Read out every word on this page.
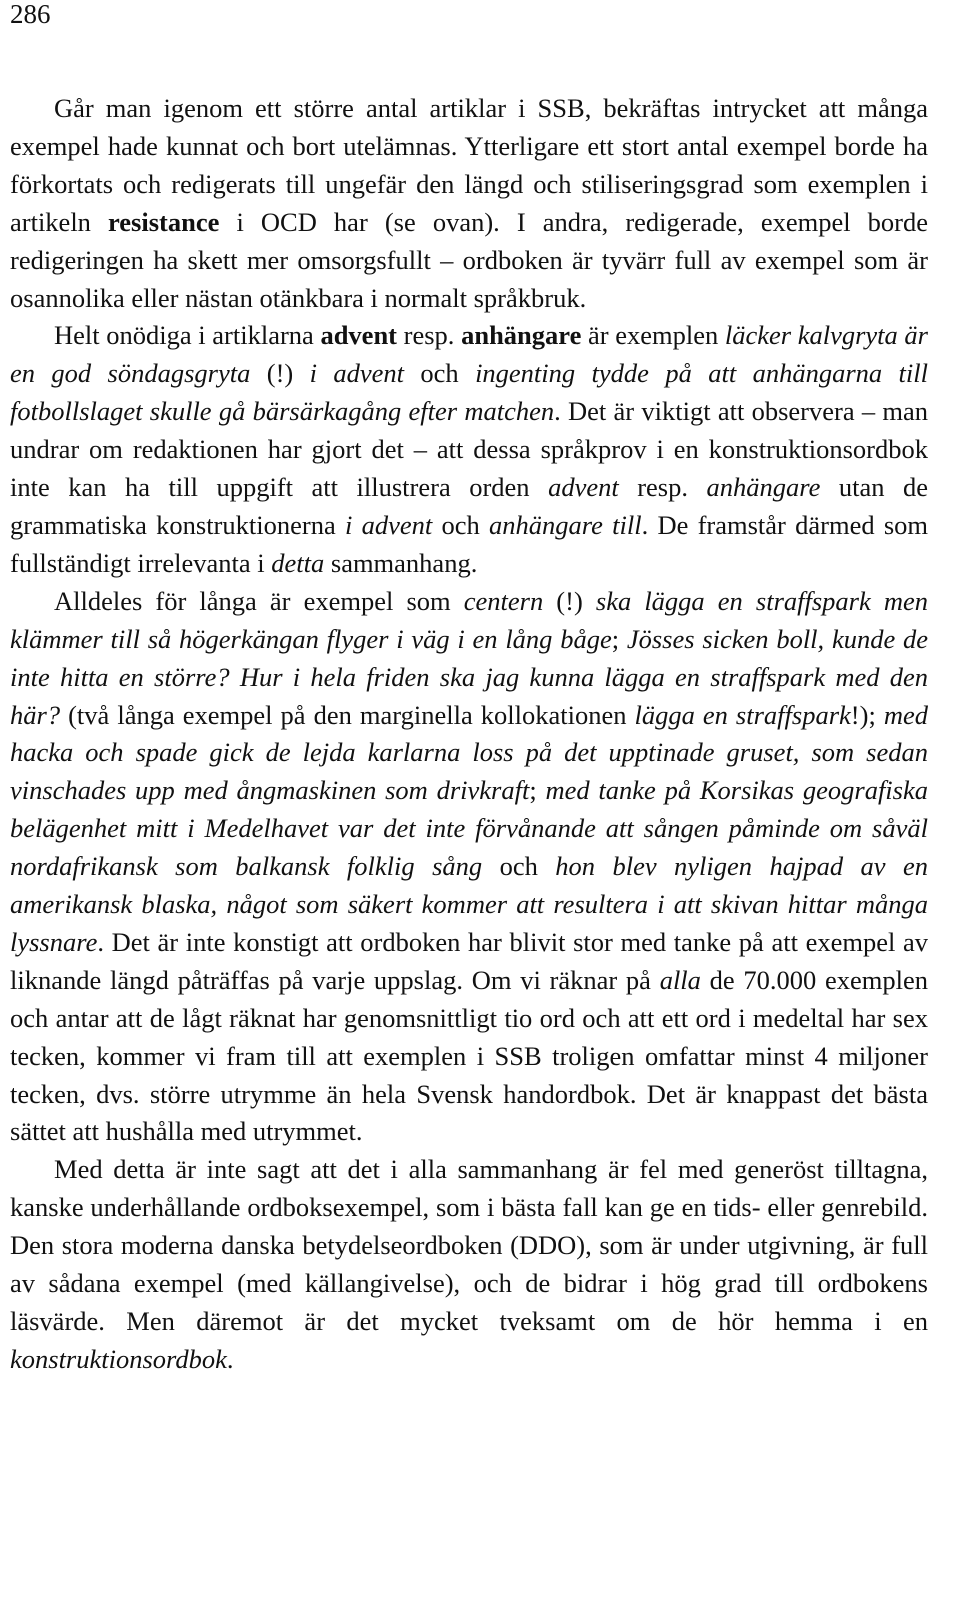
286

Går man igenom ett större antal artiklar i SSB, bekräftas intrycket att många exempel hade kunnat och bort utelämnas. Ytterligare ett stort antal exempel borde ha förkortats och redigerats till ungefär den längd och stiliseringsgrad som exemplen i artikeln resistance i OCD har (se ovan). I andra, redigerade, exempel borde redigeringen ha skett mer omsorgsfullt – ordboken är tyvärr full av exempel som är osannolika eller nästan otänkbara i normalt språkbruk.

Helt onödiga i artiklarna advent resp. anhängare är exemplen läcker kalvgryta är en god söndagsgryta (!) i advent och ingenting tydde på att anhängarna till fotbollslaget skulle gå bärsärkagång efter matchen. Det är viktigt att observera – man undrar om redaktionen har gjort det – att dessa språkprov i en konstruktionsordbok inte kan ha till uppgift att illustrera orden advent resp. anhängare utan de grammatiska konstruktionerna i advent och anhängare till. De framstår därmed som fullständigt irrelevanta i detta sammanhang.

Alldeles för långa är exempel som centern (!) ska lägga en straffspark men klämmer till så högerkängan flyger i väg i en lång båge; Jösses sicken boll, kunde de inte hitta en större? Hur i hela friden ska jag kunna lägga en straffspark med den här? (två långa exempel på den marginella kollokationen lägga en straffspark!); med hacka och spade gick de lejda karlarna loss på det upptinade gruset, som sedan vinschades upp med ångmaskinen som drivkraft; med tanke på Korsikas geografiska belägenhet mitt i Medelhavet var det inte förvånande att sången påminde om såväl nordafrikansk som balkansk folklig sång och hon blev nyligen hajpad av en amerikansk blaska, något som säkert kommer att resultera i att skivan hittar många lyssnare. Det är inte konstigt att ordboken har blivit stor med tanke på att exempel av liknande längd påträffas på varje uppslag. Om vi räknar på alla de 70.000 exemplen och antar att de lågt räknat har genomsnittligt tio ord och att ett ord i medeltal har sex tecken, kommer vi fram till att exemplen i SSB troligen omfattar minst 4 miljoner tecken, dvs. större utrymme än hela Svensk handordbok. Det är knappast det bästa sättet att hushålla med utrymmet.

Med detta är inte sagt att det i alla sammanhang är fel med generöst tilltagna, kanske underhållande ordboksexempel, som i bästa fall kan ge en tids- eller genrebild. Den stora moderna danska betydelseordboken (DDO), som är under utgivning, är full av sådana exempel (med källangivelse), och de bidrar i hög grad till ordbokens läsvärde. Men däremot är det mycket tveksamt om de hör hemma i en konstruktionsordbok.
